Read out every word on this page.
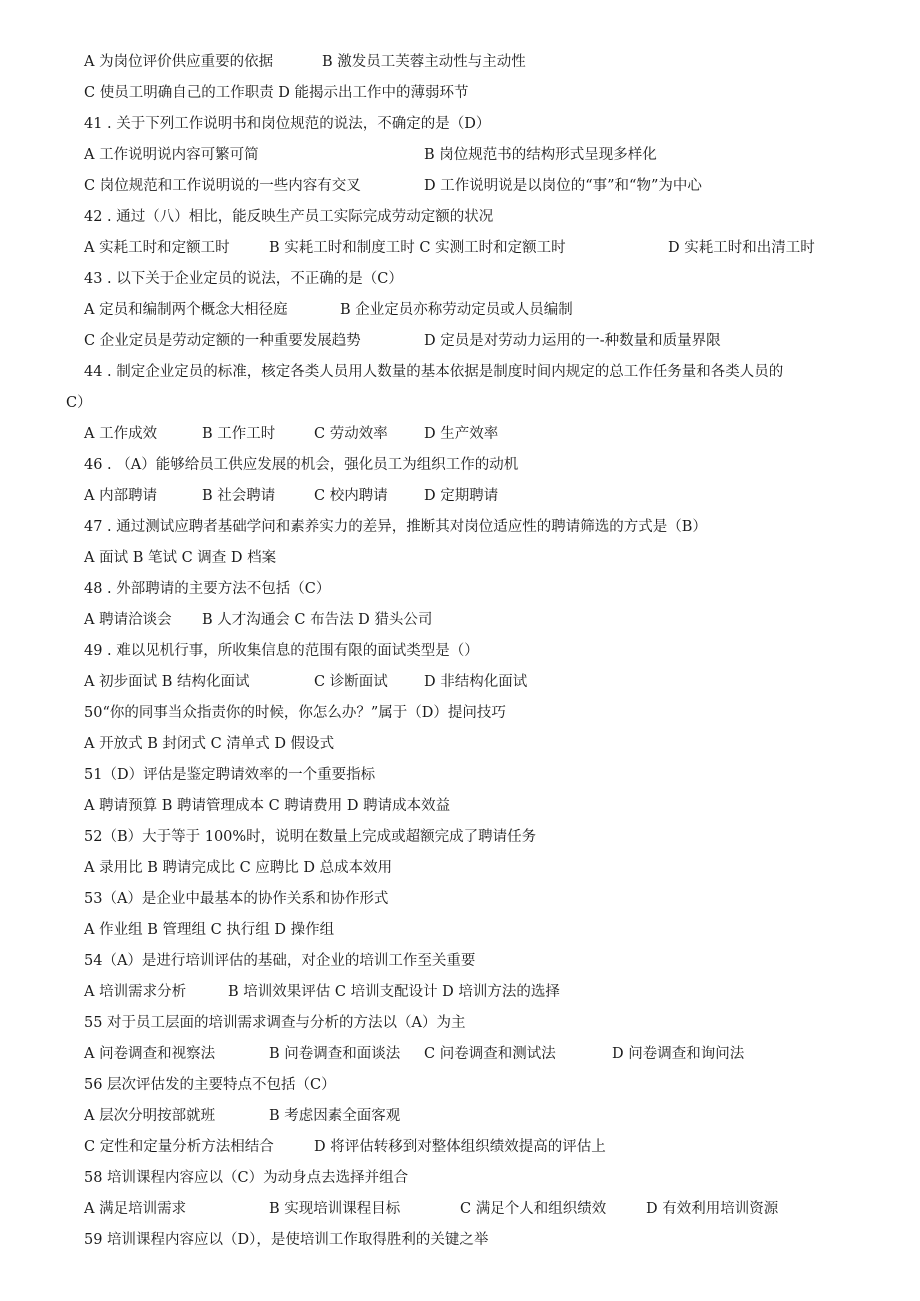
A 为岗位评价供应重要的依据	B 激发员工芙蓉主动性与主动性
C 使员工明确自己的工作职责 D 能揭示出工作中的薄弱环节
41 . 关于下列工作说明书和岗位规范的说法，不确定的是（D）
A 工作说明说内容可繁可简	B 岗位规范书的结构形式呈现多样化
C 岗位规范和工作说明说的一些内容有交叉	D 工作说明说是以岗位的“事”和“物”为中心
42 . 通过（八）相比，能反映生产员工实际完成劳动定额的状况
A 实耗工时和定额工时	B 实耗工时和制度工时 C 实测工时和定额工时	D 实耗工时和出清工时
43 . 以下关于企业定员的说法，不正确的是（C）
A 定员和编制两个概念大相径庭	B 企业定员亦称劳动定员或人员编制
C 企业定员是劳动定额的一种重要发展趋势	D 定员是对劳动力运用的一-种数量和质量界限
44 . 制定企业定员的标准，核定各类人员用人数量的基本依据是制度时间内规定的总工作任务量和各类人员的
C）
A 工作成效	B 工作工时	C 劳动效率	D 生产效率
46 . （A）能够给员工供应发展的机会，强化员工为组织工作的动机
A 内部聘请	B 社会聘请	C 校内聘请	D 定期聘请
47 . 通过测试应聘者基础学问和素养实力的差异，推断其对岗位适应性的聘请筛选的方式是（B）
A 面试 B 笔试 C 调查 D 档案
48 . 外部聘请的主要方法不包括（C）
A 聘请洽谈会 B 人才沟通会 C 布告法 D 猎头公司
49 . 难以见机行事，所收集信息的范围有限的面试类型是（）
A 初步面试 B 结构化面试	C 诊断面试	D 非结构化面试
50“你的同事当众指责你的时候，你怎么办？”属于（D）提问技巧
A 开放式 B 封闭式 C 清单式 D 假设式
51（D）评估是鉴定聘请效率的一个重要指标
A 聘请预算 B 聘请管理成本 C 聘请费用 D 聘请成本效益
52（B）大于等于 100%时，说明在数量上完成或超额完成了聘请任务
A 录用比 B 聘请完成比 C 应聘比 D 总成本效用
53（A）是企业中最基本的协作关系和协作形式
A 作业组 B 管理组 C 执行组 D 操作组
54（A）是进行培训评估的基础，对企业的培训工作至关重要
A 培训需求分析	B 培训效果评估 C 培训支配设计 D 培训方法的选择
55 对于员工层面的培训需求调查与分析的方法以（A）为主
A 问卷调查和视察法	B 问卷调查和面谈法 C 问卷调查和测试法	D 问卷调查和询问法
56 层次评估发的主要特点不包括（C）
A 层次分明按部就班	B 考虑因素全面客观
C 定性和定量分析方法相结合	D 将评估转移到对整体组织绩效提高的评估上
58 培训课程内容应以（C）为动身点去选择并组合
A 满足培训需求	B 实现培训课程目标	C 满足个人和组织绩效	D 有效利用培训资源
59 培训课程内容应以（D），是使培训工作取得胜利的关键之举
